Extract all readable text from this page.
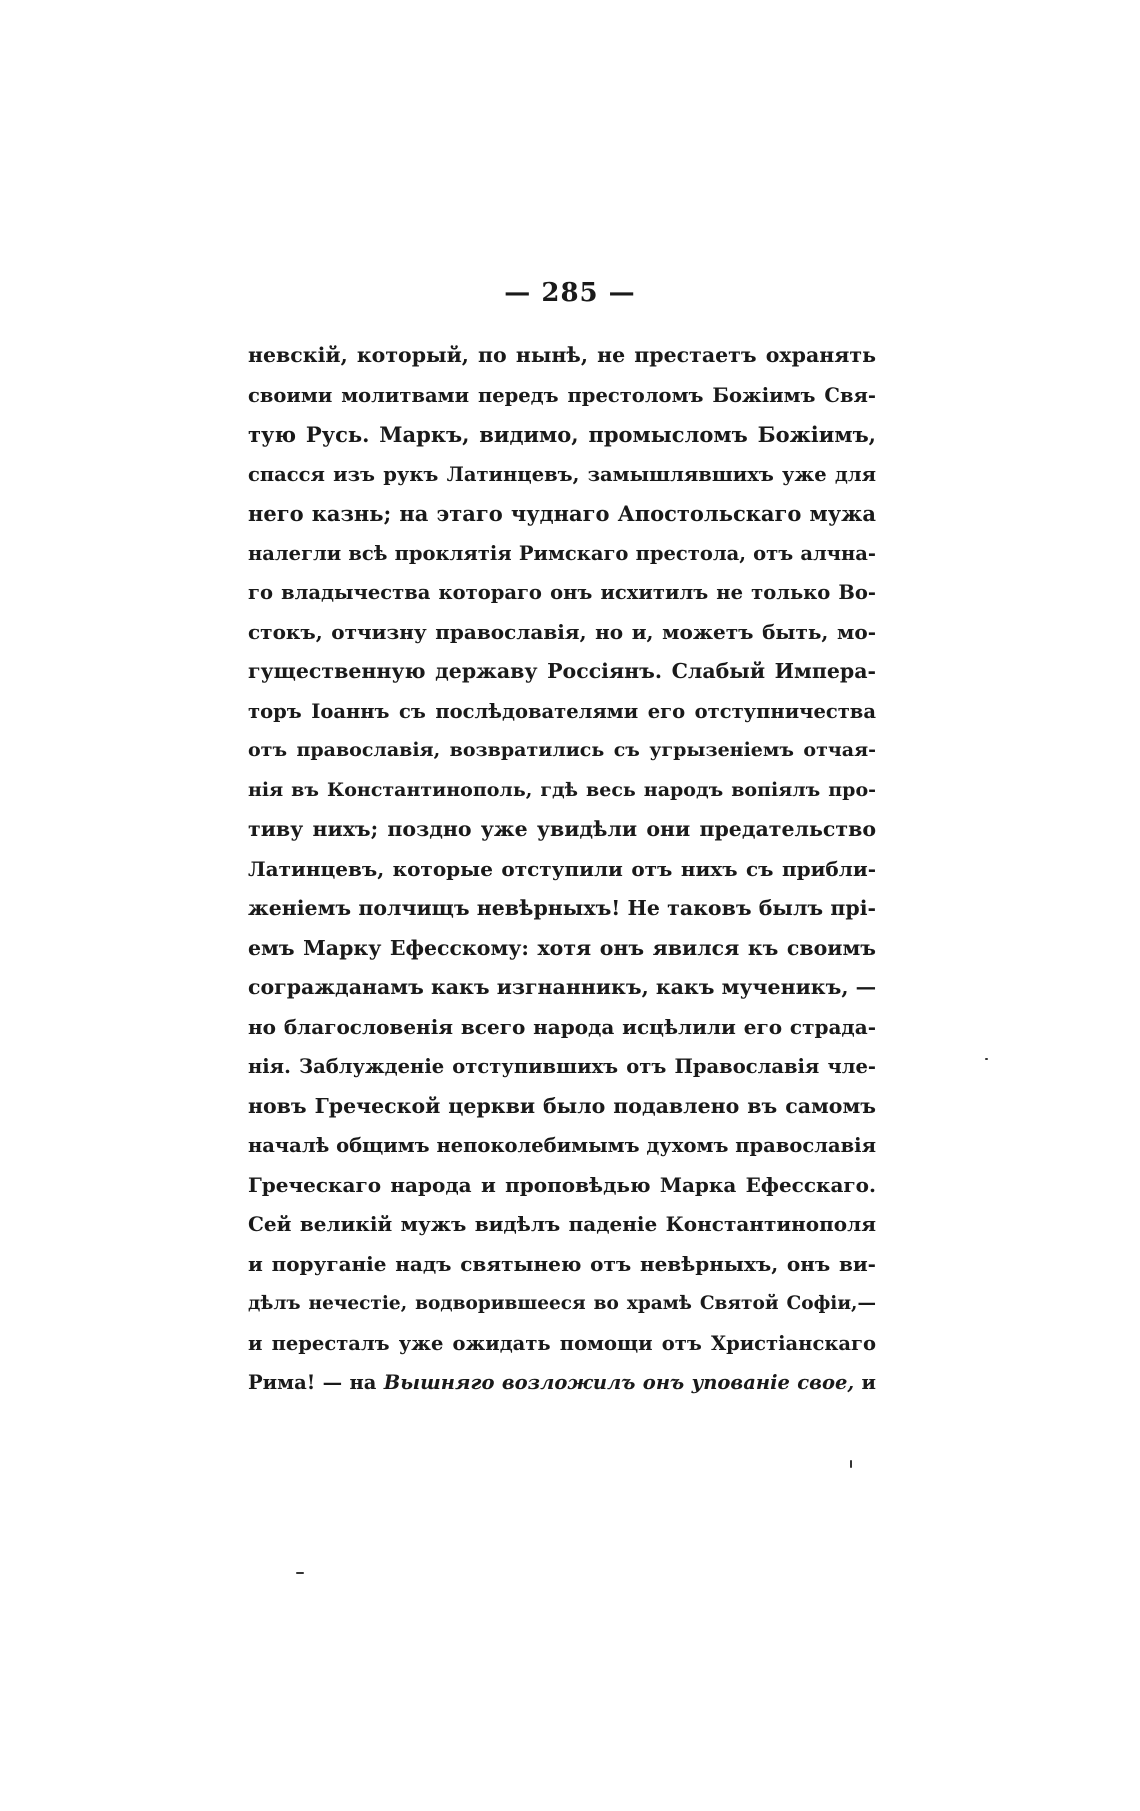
— 285 —
невскій, который, по нынѣ, не престаетъ охранять
своими молитвами передъ престоломъ Божіимъ Свя-
тую Русь. Маркъ, видимо, промысломъ Божіимъ,
спасся изъ рукъ Латинцевъ, замышлявшихъ уже для
него казнь; на этаго чуднаго Апостольскаго мужа
налегли всѣ проклятія Римскаго престола, отъ алчна-
го владычества котораго онъ исхитилъ не только Во-
стокъ, отчизну православія, но и, можетъ быть, мо-
гущественную державу Россіянъ. Слабый Импера-
торъ Іоаннъ съ послѣдователями его отступничества
отъ православія, возвратились съ угрызеніемъ отчая-
нія въ Константинополь, гдѣ весь народъ вопіялъ про-
тиву нихъ; поздно уже увидѣли они предательство
Латинцевъ, которые отступили отъ нихъ съ прибли-
женіемъ полчищъ невѣрныхъ! Не таковъ былъ прі-
емъ Марку Ефесскому: хотя онъ явился къ своимъ
согражданамъ какъ изгнанникъ, какъ мученикъ, —
но благословенія всего народа исцѣлили его страда-
нія. Заблужденіе отступившихъ отъ Православія чле-
новъ Греческой церкви было подавлено въ самомъ
началѣ общимъ непоколебимымъ духомъ православія
Греческаго народа и проповѣдью Марка Ефесскаго.
Сей великій мужъ видѣлъ паденіе Константинополя
и поруганіе надъ святынею отъ невѣрныхъ, онъ ви-
дѣлъ нечестіе, водворившееся во храмѣ Святой Софіи,—
и пересталъ уже ожидать помощи отъ Христіанскаго
Рима! — на Вышняго возложилъ онъ упованіе свое, и
